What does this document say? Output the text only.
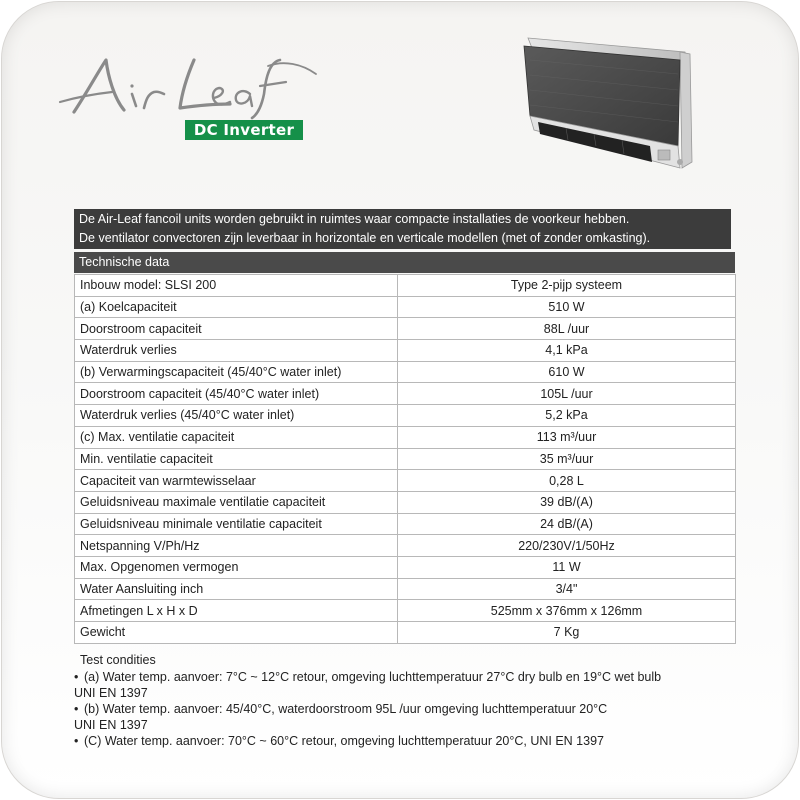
DC Inverter
De Air-Leaf fancoil units worden gebruikt in ruimtes waar compacte installaties de voorkeur hebben.
De ventilator convectoren zijn leverbaar in horizontale en verticale modellen (met of zonder omkasting).
Technische data
Inbouw model: SLSI 200	Type 2-pijp systeem
(a) Koelcapaciteit	510 W
Doorstroom capaciteit	88L /uur
Waterdruk verlies	4,1 kPa
(b) Verwarmingscapaciteit (45/40°C water inlet)	610 W
Doorstroom capaciteit (45/40°C water inlet)	105L /uur
Waterdruk verlies (45/40°C water inlet)	5,2 kPa
(c) Max. ventilatie capaciteit	113 m³/uur
Min. ventilatie capaciteit	35 m³/uur
Capaciteit van warmtewisselaar	0,28 L
Geluidsniveau maximale ventilatie capaciteit	39 dB/(A)
Geluidsniveau minimale ventilatie capaciteit	24 dB/(A)
Netspanning V/Ph/Hz	220/230V/1/50Hz
Max. Opgenomen vermogen	11 W
Water Aansluiting inch	3/4"
Afmetingen L x H x D	525mm x 376mm x 126mm
Gewicht	7 Kg
Test condities
• (a) Water temp. aanvoer: 7°C ~ 12°C retour, omgeving luchttemperatuur 27°C dry bulb en 19°C wet bulb
UNI EN 1397
• (b) Water temp. aanvoer: 45/40°C, waterdoorstroom 95L /uur omgeving luchttemperatuur 20°C
UNI EN 1397
• (C) Water temp. aanvoer: 70°C ~ 60°C retour, omgeving luchttemperatuur 20°C, UNI EN 1397
